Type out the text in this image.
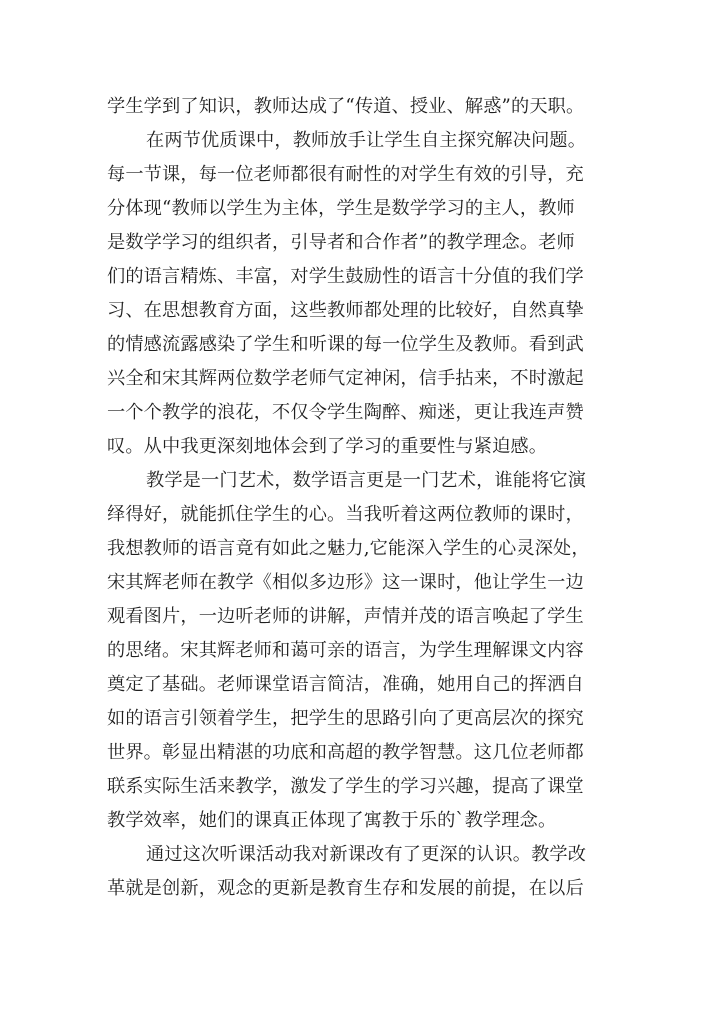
学生学到了知识，教师达成了“传道、授业、解惑”的天职。

在两节优质课中，教师放手让学生自主探究解决问题。

每一节课，每一位老师都很有耐性的对学生有效的引导，充

分体现“教师以学生为主体，学生是数学学习的主人，教师

是数学学习的组织者，引导者和合作者”的教学理念。老师

们的语言精炼、丰富，对学生鼓励性的语言十分值的我们学

习、在思想教育方面，这些教师都处理的比较好，自然真挚

的情感流露感染了学生和听课的每一位学生及教师。看到武

兴全和宋其辉两位数学老师气定神闲，信手拈来，不时激起

一个个教学的浪花，不仅令学生陶醉、痴迷，更让我连声赞

叹。从中我更深刻地体会到了学习的重要性与紧迫感。

教学是一门艺术，数学语言更是一门艺术，谁能将它演

绎得好，就能抓住学生的心。当我听着这两位教师的课时，

我想教师的语言竟有如此之魅力,它能深入学生的心灵深处，

宋其辉老师在教学《相似多边形》这一课时，他让学生一边

观看图片，一边听老师的讲解，声情并茂的语言唤起了学生

的思绪。宋其辉老师和蔼可亲的语言，为学生理解课文内容

奠定了基础。老师课堂语言简洁，准确，她用自己的挥洒自

如的语言引领着学生，把学生的思路引向了更高层次的探究

世界。彰显出精湛的功底和高超的教学智慧。这几位老师都

联系实际生活来教学，激发了学生的学习兴趣，提高了课堂

教学效率，她们的课真正体现了寓教于乐的`教学理念。

通过这次听课活动我对新课改有了更深的认识。教学改

革就是创新，观念的更新是教育生存和发展的前提，在以后
